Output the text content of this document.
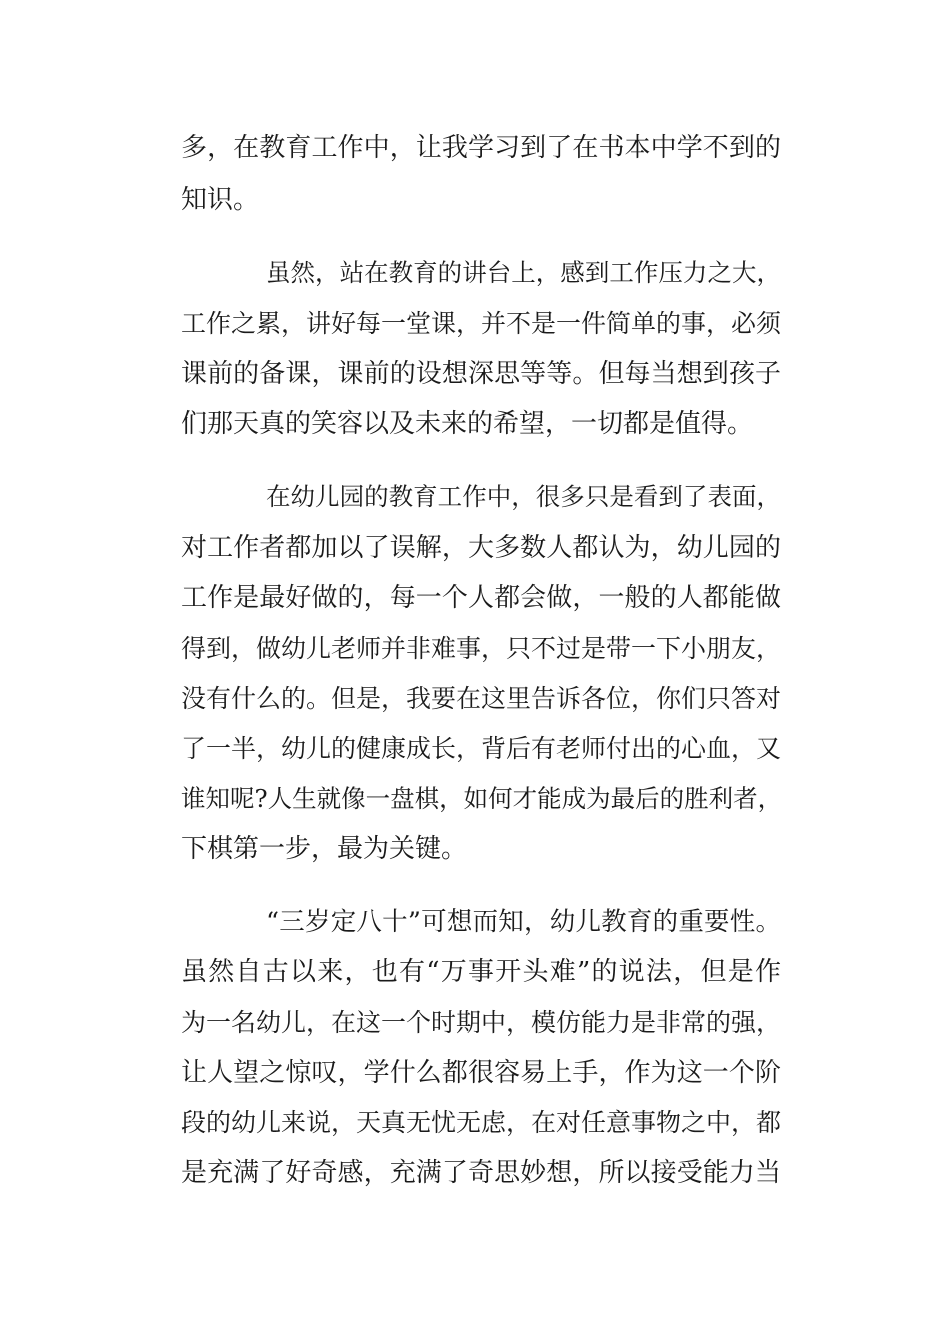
多，在教育工作中，让我学习到了在书本中学不到的
知识。
虽然，站在教育的讲台上，感到工作压力之大，
工作之累，讲好每一堂课，并不是一件简单的事，必须
课前的备课，课前的设想深思等等。但每当想到孩子
们那天真的笑容以及未来的希望，一切都是值得。
在幼儿园的教育工作中，很多只是看到了表面，
对工作者都加以了误解，大多数人都认为，幼儿园的
工作是最好做的，每一个人都会做，一般的人都能做
得到，做幼儿老师并非难事，只不过是带一下小朋友，
没有什么的。但是，我要在这里告诉各位，你们只答对
了一半，幼儿的健康成长，背后有老师付出的心血，又
谁知呢?人生就像一盘棋，如何才能成为最后的胜利者，
下棋第一步，最为关键。
“三岁定八十”可想而知，幼儿教育的重要性。
虽然自古以来，也有“万事开头难”的说法，但是作
为一名幼儿，在这一个时期中，模仿能力是非常的强，
让人望之惊叹，学什么都很容易上手，作为这一个阶
段的幼儿来说，天真无忧无虑，在对任意事物之中，都
是充满了好奇感，充满了奇思妙想，所以接受能力当
